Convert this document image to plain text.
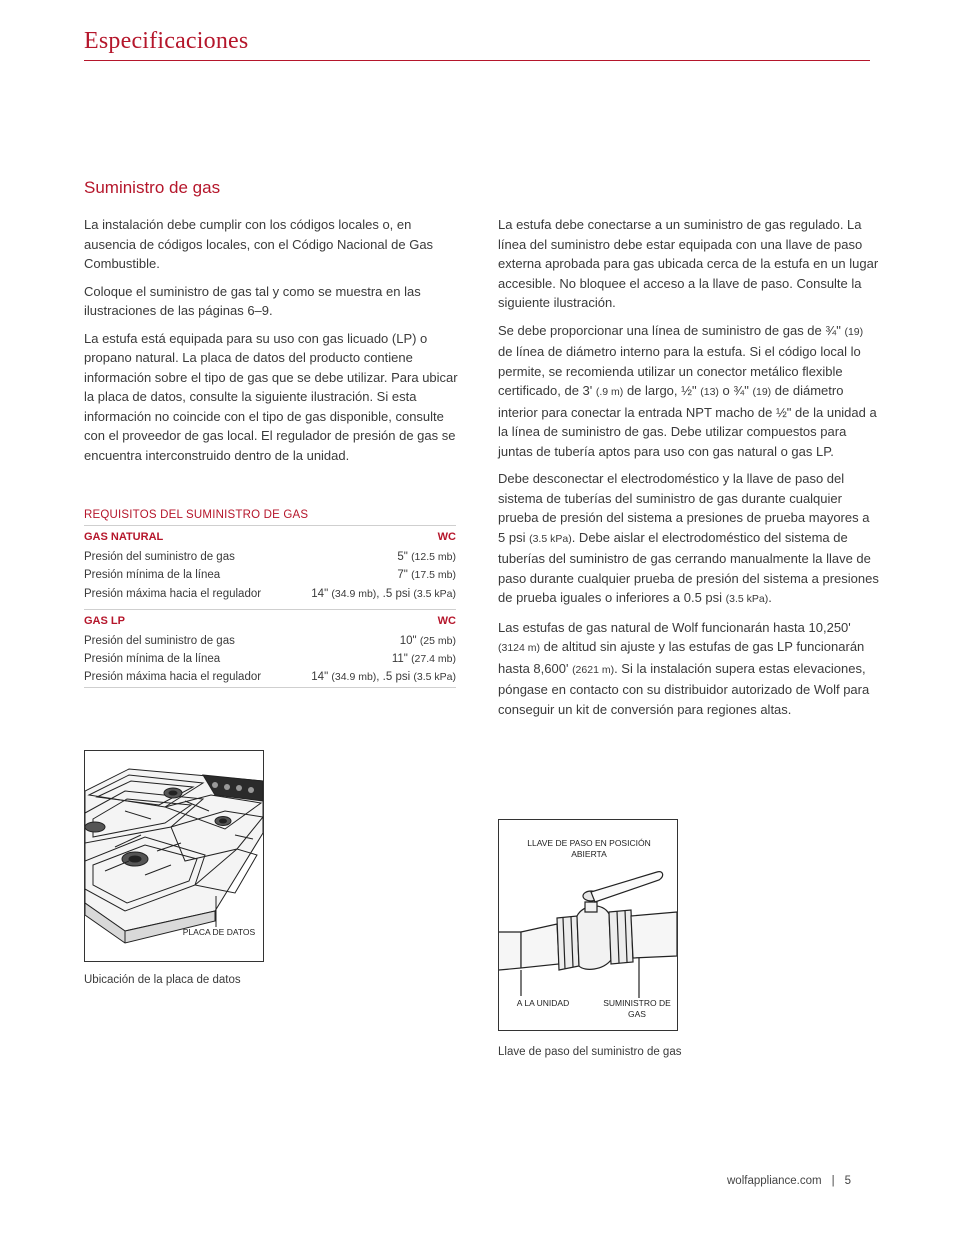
Especificaciones
Suministro de gas

La instalación debe cumplir con los códigos locales o, en ausencia de códigos locales, con el Código Nacional de Gas Combustible.

Coloque el suministro de gas tal y como se muestra en las ilustraciones de las páginas 6–9.

La estufa está equipada para su uso con gas licuado (LP) o propano natural. La placa de datos del producto contiene información sobre el tipo de gas que se debe utilizar. Para ubicar la placa de datos, consulte la siguiente ilustración. Si esta información no coincide con el tipo de gas disponible, consulte con el proveedor de gas local. El regulador de presión de gas se encuentra interconstruido dentro de la unidad.

REQUISITOS DEL SUMINISTRO DE GAS
GAS NATURAL	WC
Presión del suministro de gas	5" (12.5 mb)
Presión mínima de la línea	7" (17.5 mb)
Presión máxima hacia el regulador	14" (34.9 mb), .5 psi (3.5 kPa)

GAS LP	WC
Presión del suministro de gas	10" (25 mb)
Presión mínima de la línea	11" (27.4 mb)
Presión máxima hacia el regulador	14" (34.9 mb), .5 psi (3.5 kPa)

La estufa debe conectarse a un suministro de gas regulado. La línea del suministro debe estar equipada con una llave de paso externa aprobada para gas ubicada cerca de la estufa en un lugar accesible. No bloquee el acceso a la llave de paso. Consulte la siguiente ilustración.

Se debe proporcionar una línea de suministro de gas de ¾" (19) de línea de diámetro interno para la estufa. Si el código local lo permite, se recomienda utilizar un conector metálico flexible certificado, de 3' (.9 m) de largo, ½" (13) o ¾" (19) de diámetro interior para conectar la entrada NPT macho de ½" de la unidad a la línea de suministro de gas. Debe utilizar compuestos para juntas de tubería aptos para uso con gas natural o gas LP.

Debe desconectar el electrodoméstico y la llave de paso del sistema de tuberías del suministro de gas durante cualquier prueba de presión del sistema a presiones de prueba mayores a 5 psi (3.5 kPa). Debe aislar el electrodoméstico del sistema de tuberías del suministro de gas cerrando manualmente la llave de paso durante cualquier prueba de presión del sistema a presiones de prueba iguales o inferiores a 0.5 psi (3.5 kPa).

Las estufas de gas natural de Wolf funcionarán hasta 10,250' (3124 m) de altitud sin ajuste y las estufas de gas LP funcionarán hasta 8,600' (2621 m). Si la instalación supera estas elevaciones, póngase en contacto con su distribuidor autorizado de Wolf para conseguir un kit de conversión para regiones altas.

PLACA DE DATOS
Ubicación de la placa de datos
LLAVE DE PASO EN POSICIÓN ABIERTA
A LA UNIDAD	SUMINISTRO DE GAS
Llave de paso del suministro de gas
wolfappliance.com | 5
